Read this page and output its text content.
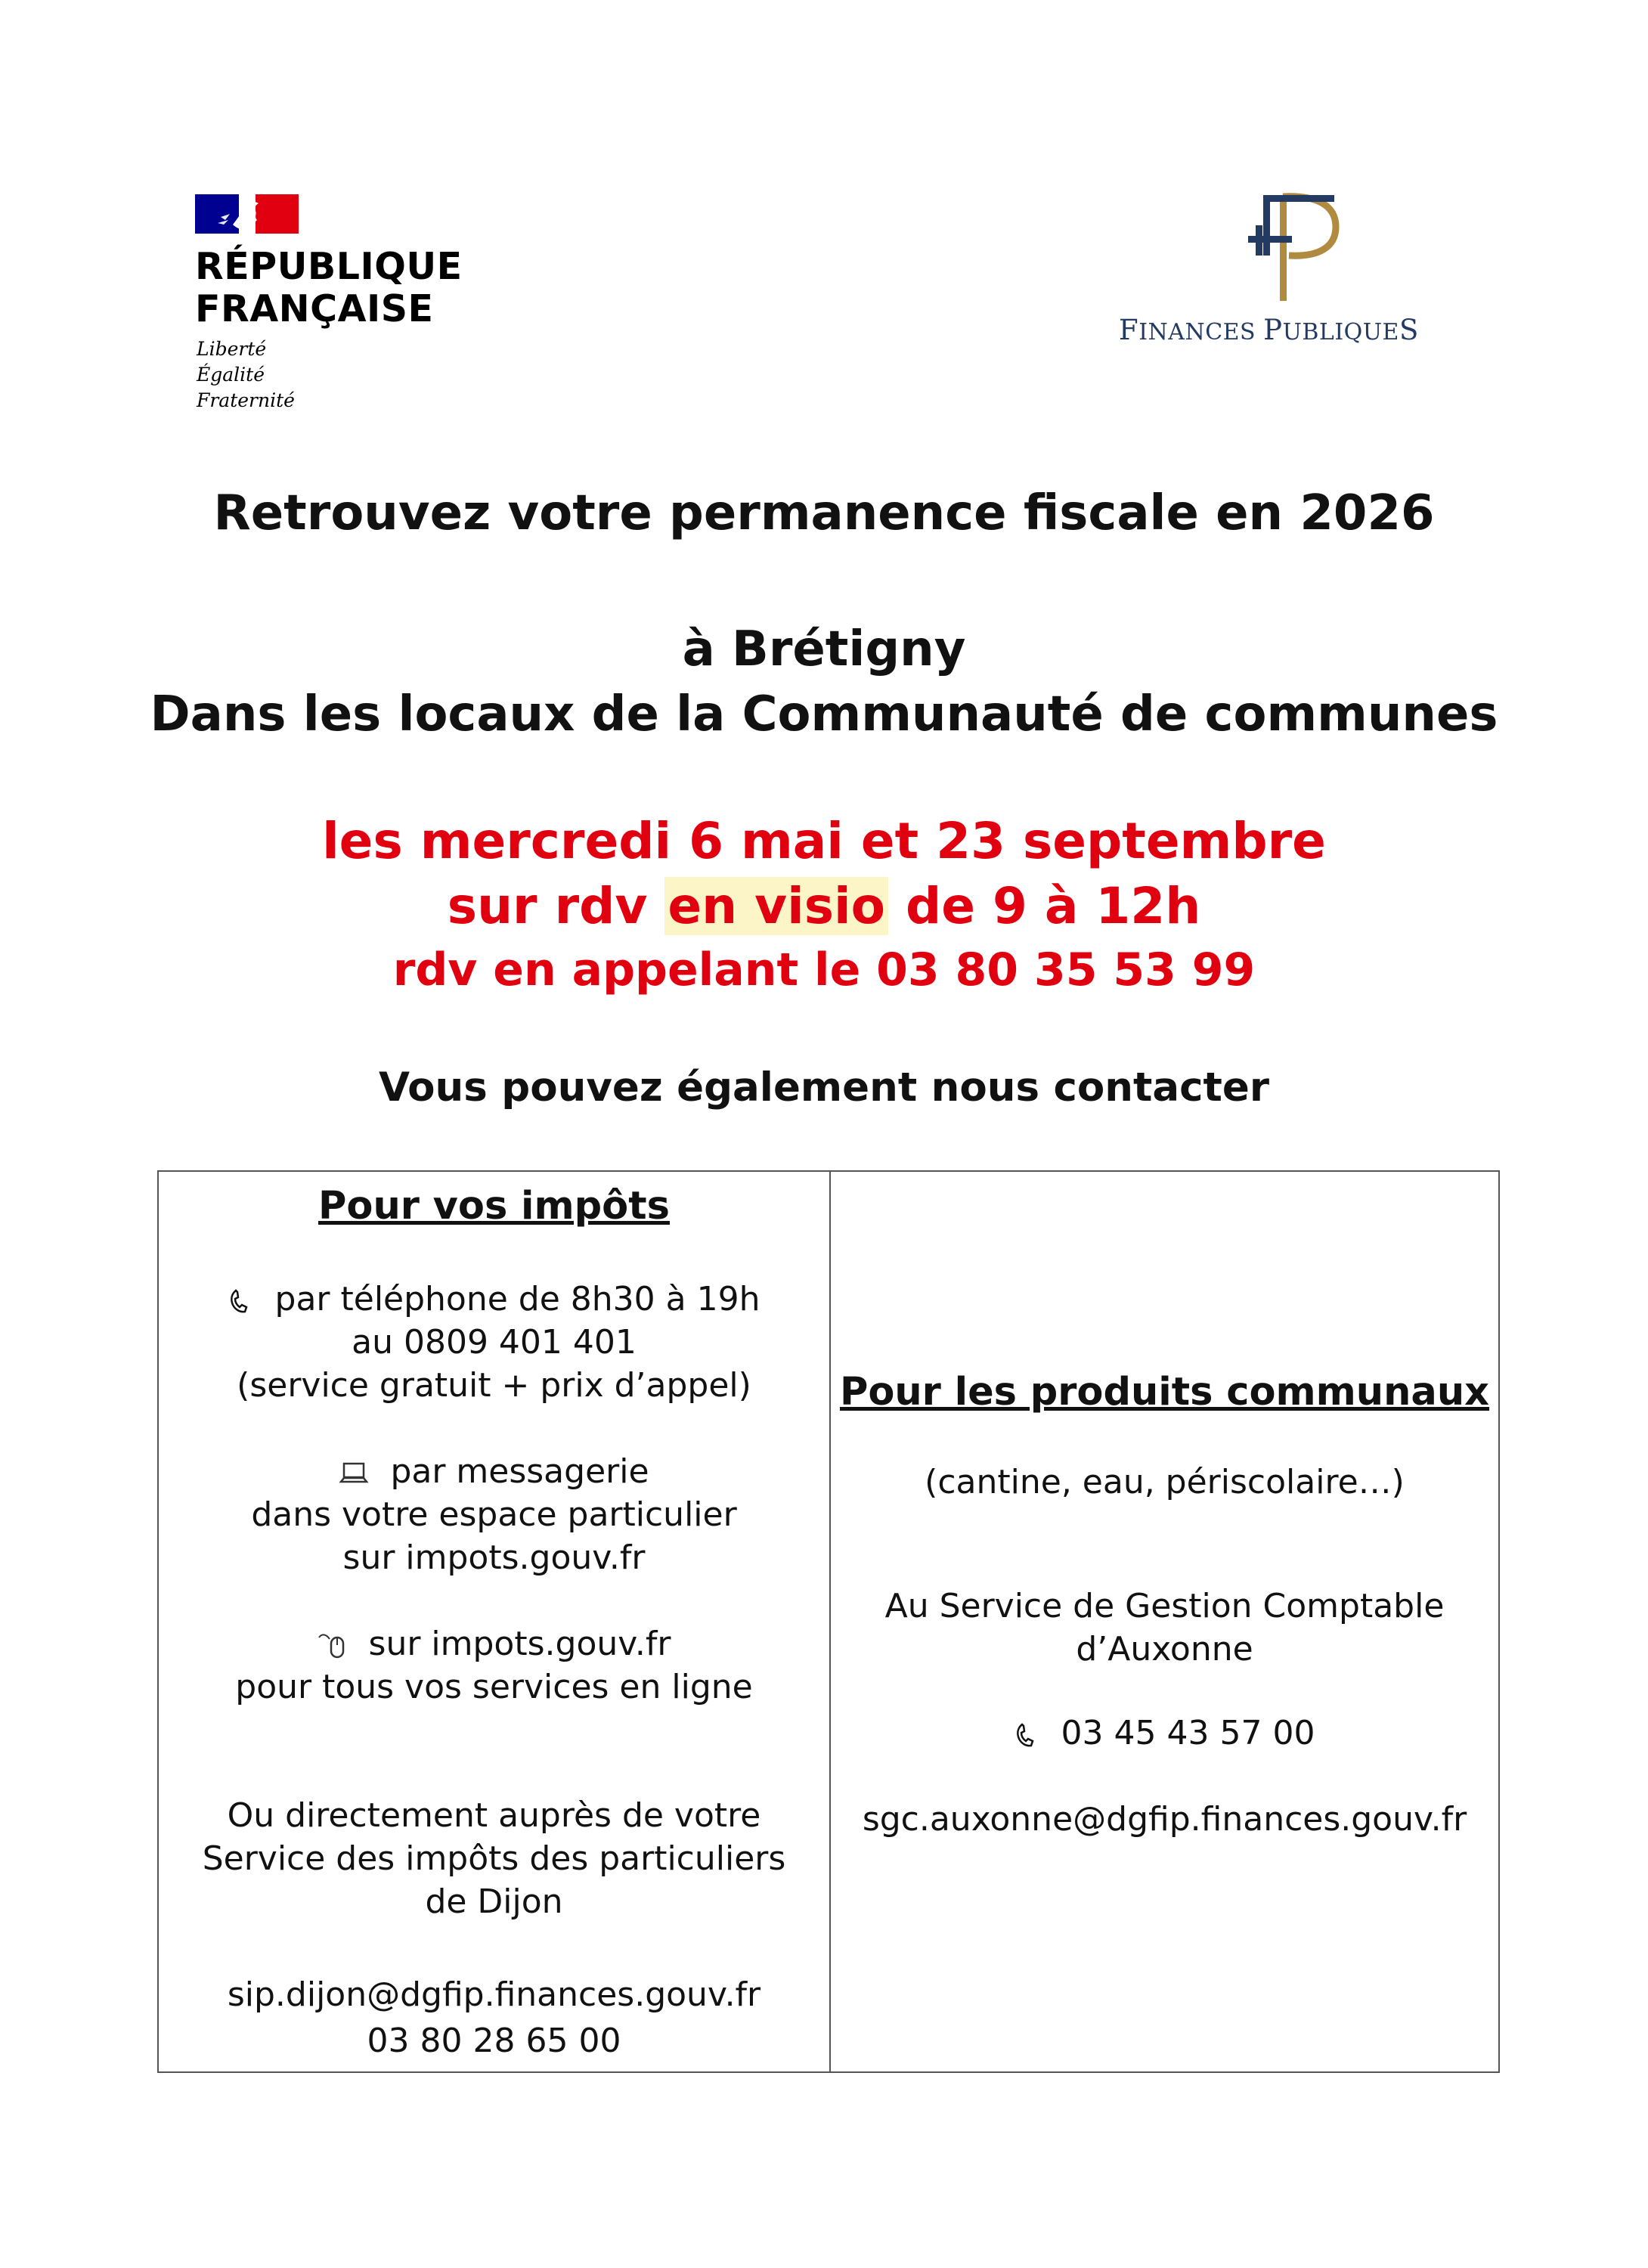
RÉPUBLIQUE
FRANÇAISE
Liberté
Égalité
Fraternité
FINANCES PUBLIQUES
Retrouvez votre permanence fiscale en 2026
à Brétigny
Dans les locaux de la Communauté de communes
les mercredi 6 mai et 23 septembre
sur rdv en visio de 9 à 12h
rdv en appelant le 03 80 35 53 99
Vous pouvez également nous contacter
Pour vos impôts
par téléphone de 8h30 à 19h
au 0809 401 401
(service gratuit + prix d’appel)
par messagerie
dans votre espace particulier
sur impots.gouv.fr
sur impots.gouv.fr
pour tous vos services en ligne
Ou directement auprès de votre
Service des impôts des particuliers
de Dijon
sip.dijon@dgfip.finances.gouv.fr
03 80 28 65 00
Pour les produits communaux
(cantine, eau, périscolaire…)
Au Service de Gestion Comptable
d’Auxonne
03 45 43 57 00
sgc.auxonne@dgfip.finances.gouv.fr
